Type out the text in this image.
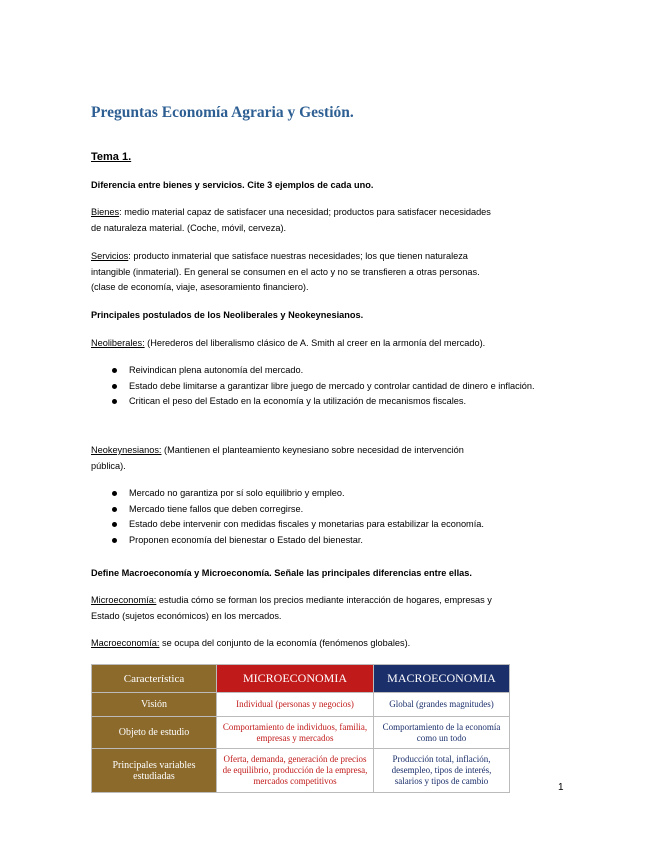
Preguntas Economía Agraria y Gestión.

Tema 1.

Diferencia entre bienes y servicios. Cite 3 ejemplos de cada uno.

Bienes: medio material capaz de satisfacer una necesidad; productos para satisfacer necesidades
de naturaleza material. (Coche, móvil, cerveza).

Servicios: producto inmaterial que satisface nuestras necesidades; los que tienen naturaleza
intangible (inmaterial). En general se consumen en el acto y no se transfieren a otras personas.
(clase de economía, viaje, asesoramiento financiero).

Principales postulados de los Neoliberales y Neokeynesianos.

Neoliberales: (Herederos del liberalismo clásico de A. Smith al creer en la armonía del mercado).

Reivindican plena autonomía del mercado.
Estado debe limitarse a garantizar libre juego de mercado y controlar cantidad de dinero e inflación.
Critican el peso del Estado en la economía y la utilización de mecanismos fiscales.

Neokeynesianos: (Mantienen el planteamiento keynesiano sobre necesidad de intervención
pública).

Mercado no garantiza por sí solo equilibrio y empleo.
Mercado tiene fallos que deben corregirse.
Estado debe intervenir con medidas fiscales y monetarias para estabilizar la economía.
Proponen economía del bienestar o Estado del bienestar.

Define Macroeconomía y Microeconomía. Señale las principales diferencias entre ellas.

Microeconomía: estudia cómo se forman los precios mediante interacción de hogares, empresas y
Estado (sujetos económicos) en los mercados.

Macroeconomía: se ocupa del conjunto de la economía (fenómenos globales).

Característica	MICROECONOMIA	MACROECONOMIA
Visión	Individual (personas y negocios)	Global (grandes magnitudes)
Objeto de estudio	Comportamiento de individuos, familia, empresas y mercados	Comportamiento de la economía como un todo
Principales variables estudiadas	Oferta, demanda, generación de precios de equilibrio, producción de la empresa, mercados competitivos	Producción total, inflación, desempleo, tipos de interés, salarios y tipos de cambio

1
